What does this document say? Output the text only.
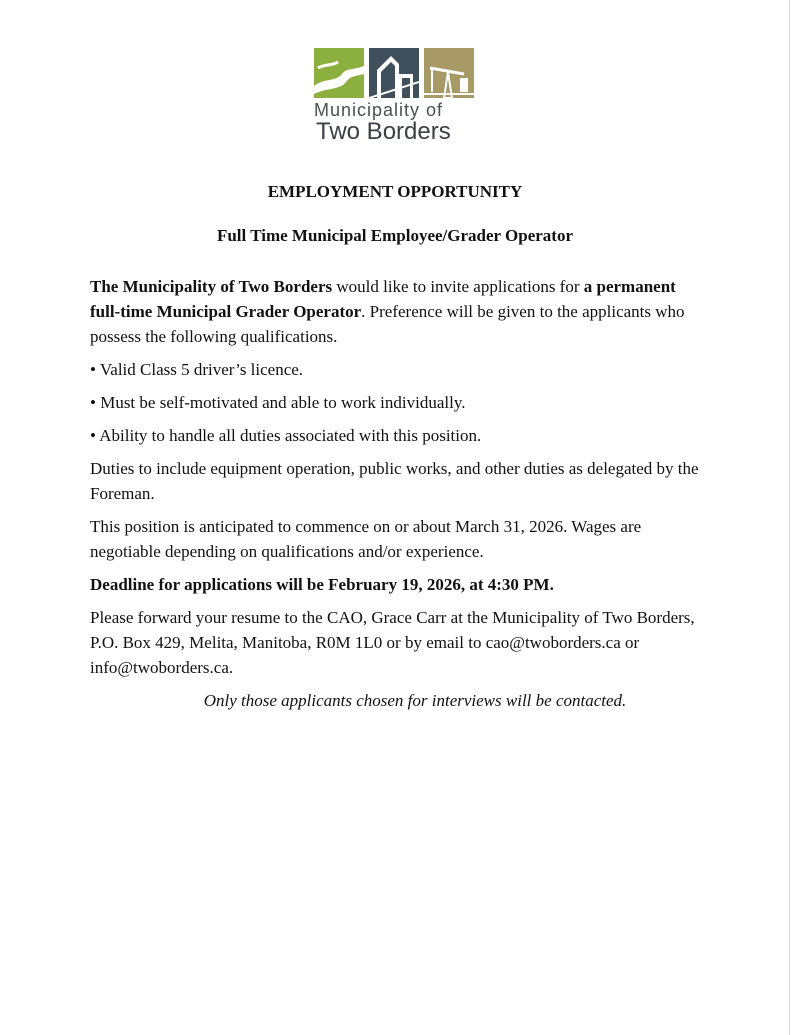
Municipality of
Two Borders
EMPLOYMENT OPPORTUNITY
Full Time Municipal Employee/Grader Operator

The Municipality of Two Borders would like to invite applications for a permanent full-time Municipal Grader Operator. Preference will be given to the applicants who possess the following qualifications.

• Valid Class 5 driver’s licence.
• Must be self-motivated and able to work individually.
• Ability to handle all duties associated with this position.

Duties to include equipment operation, public works, and other duties as delegated by the Foreman.

This position is anticipated to commence on or about March 31, 2026. Wages are negotiable depending on qualifications and/or experience.

Deadline for applications will be February 19, 2026, at 4:30 PM.

Please forward your resume to the CAO, Grace Carr at the Municipality of Two Borders, P.O. Box 429, Melita, Manitoba, R0M 1L0 or by email to cao@twoborders.ca or info@twoborders.ca.

Only those applicants chosen for interviews will be contacted.
